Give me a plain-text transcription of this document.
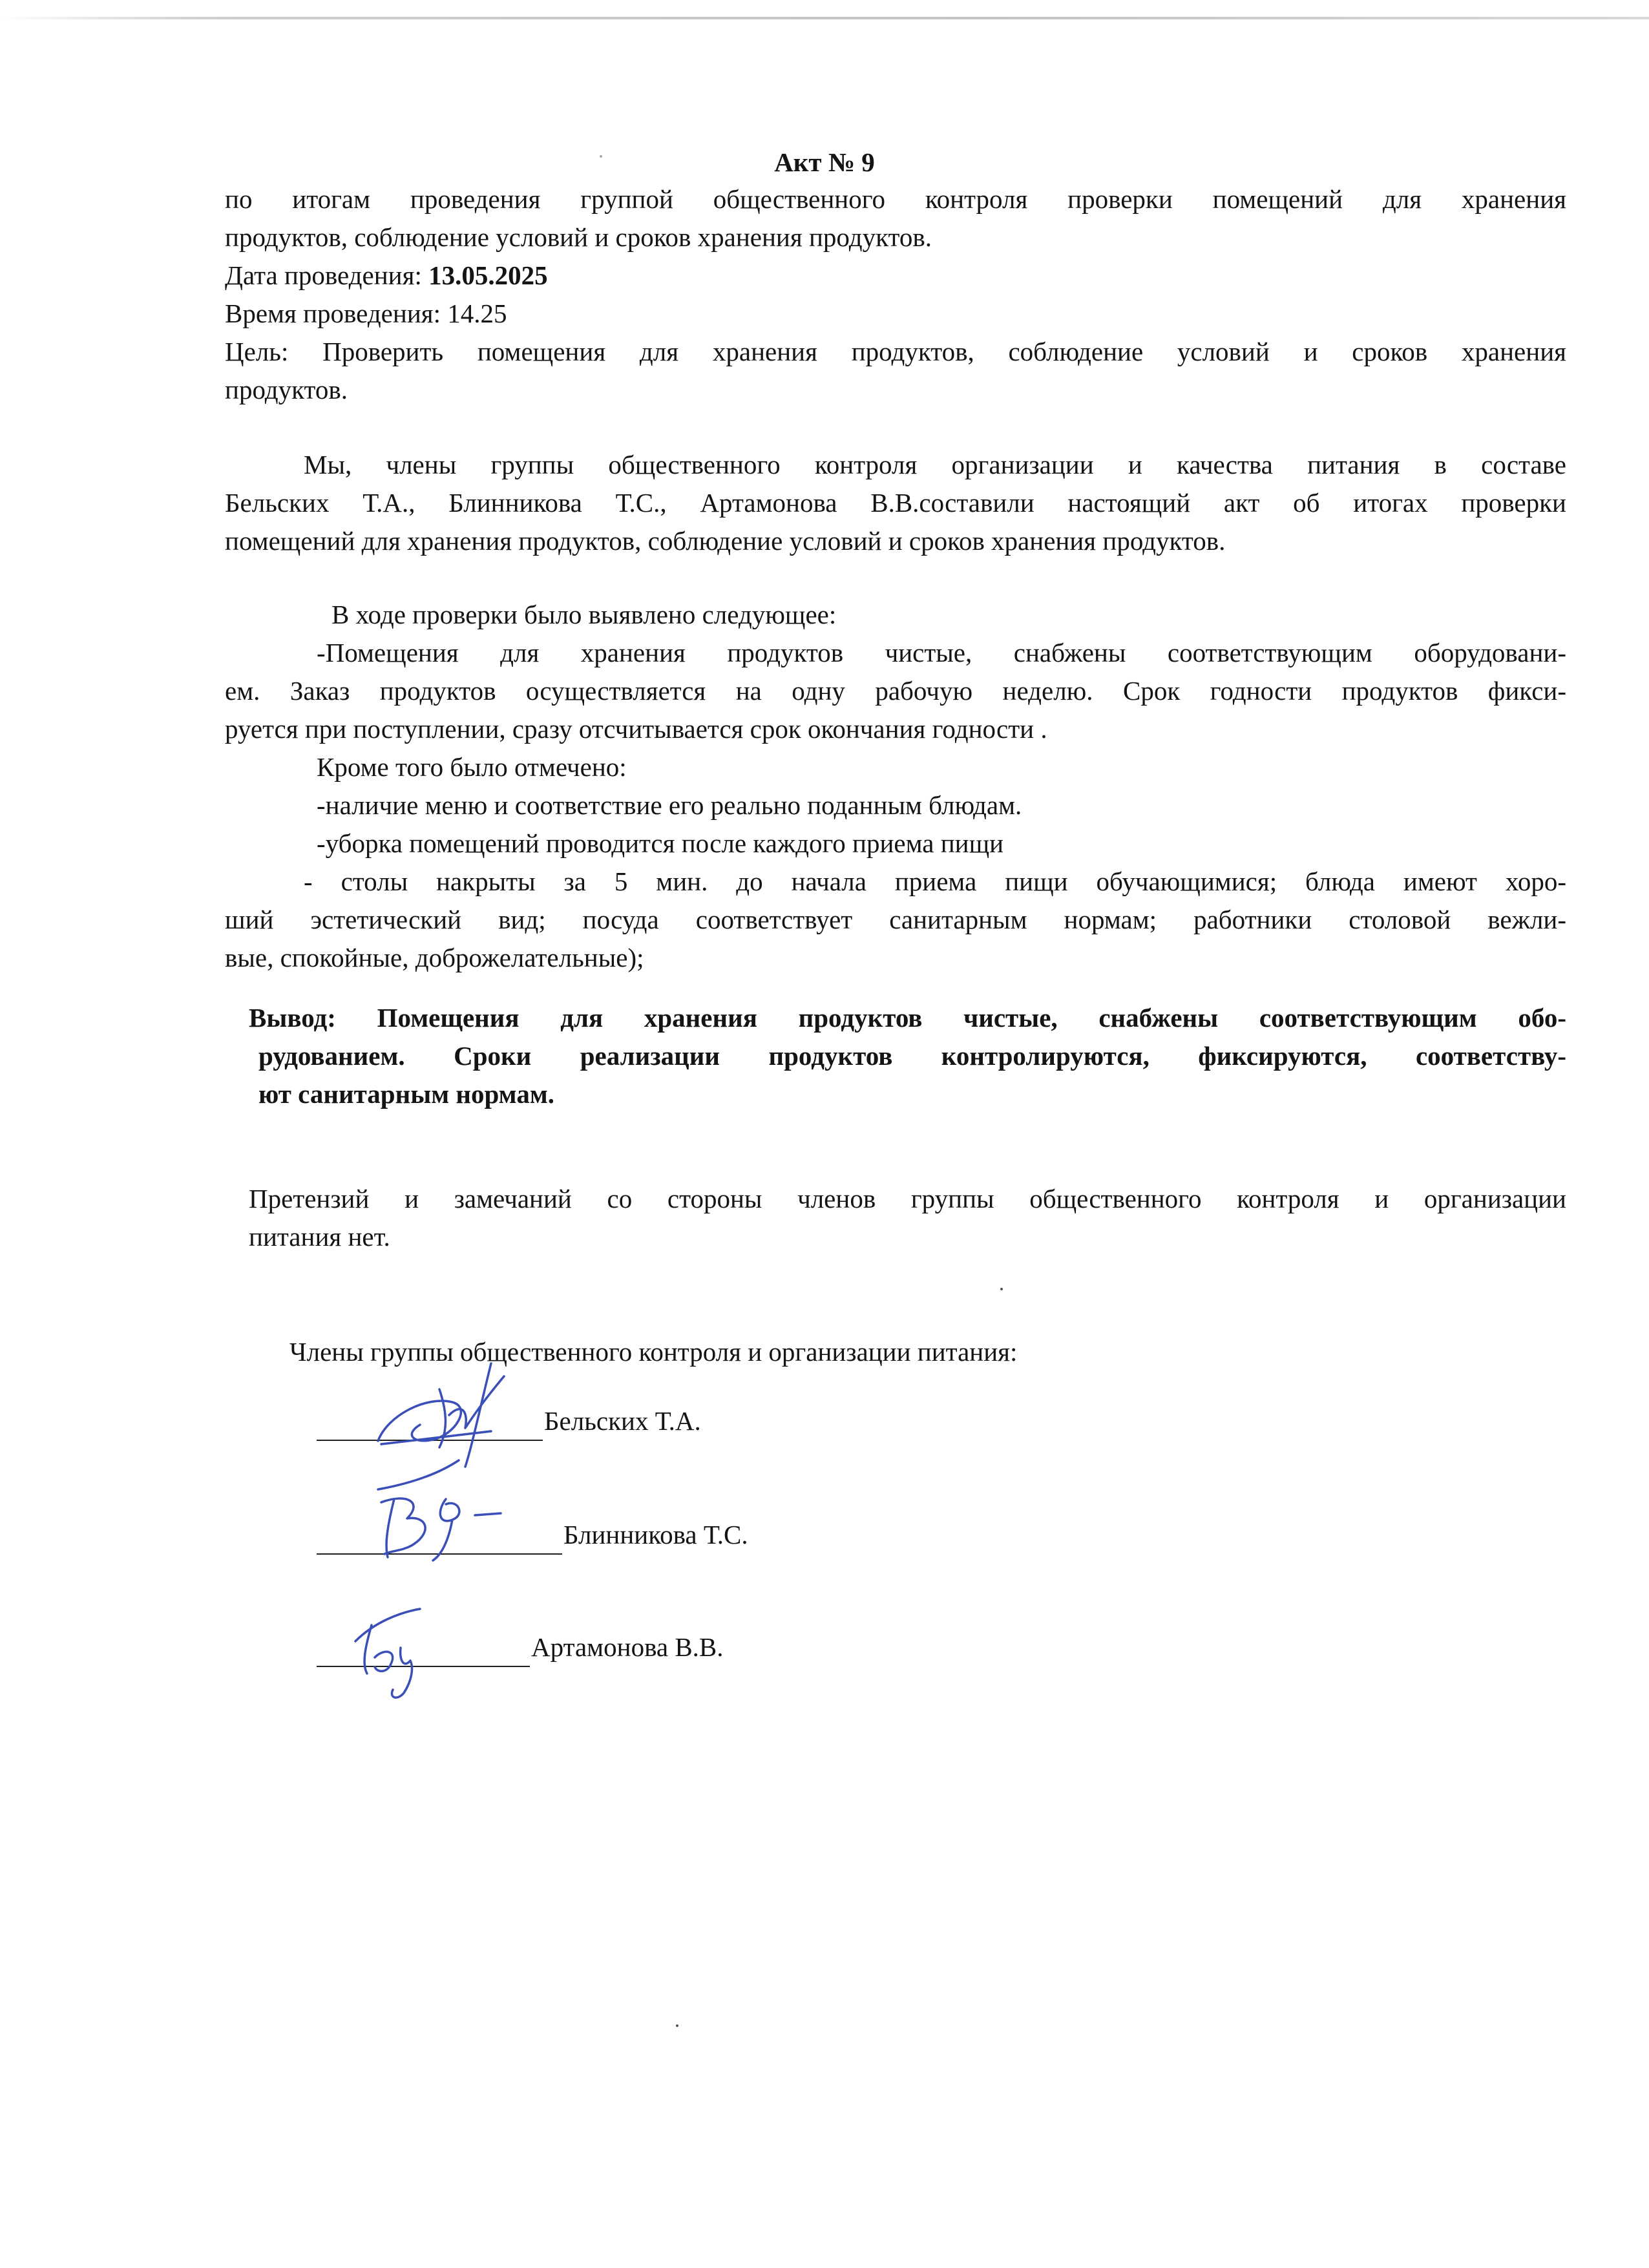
Акт № 9
по итогам проведения группой общественного контроля проверки помещений для хранения
продуктов, соблюдение условий и сроков хранения продуктов.
Дата проведения: 13.05.2025
Время проведения: 14.25
Цель: Проверить помещения для хранения продуктов, соблюдение условий и сроков хранения
продуктов.
Мы, члены группы общественного контроля организации и качества питания в составе
Бельских Т.А., Блинникова Т.С., Артамонова В.В.составили настоящий акт об итогах проверки
помещений для хранения продуктов, соблюдение условий и сроков хранения продуктов.
В ходе проверки было выявлено следующее:
-Помещения для хранения продуктов чистые, снабжены соответствующим оборудовани-
ем. Заказ продуктов осуществляется на одну рабочую неделю. Срок годности продуктов фикси-
руется при поступлении, сразу отсчитывается срок окончания годности .
Кроме того было отмечено:
-наличие меню и соответствие его реально поданным блюдам.
-уборка помещений проводится после каждого приема пищи
- столы накрыты за 5 мин. до начала приема пищи обучающимися; блюда имеют хоро-
ший эстетический вид; посуда соответствует санитарным нормам; работники столовой вежли-
вые, спокойные, доброжелательные);
Вывод: Помещения для хранения продуктов чистые, снабжены соответствующим обо-
рудованием. Сроки реализации продуктов контролируются, фиксируются, соответству-
ют санитарным нормам.
Претензий и замечаний со стороны членов группы общественного контроля и организации
питания нет.
Члены группы общественного контроля и организации питания:
Бельских Т.А.
Блинникова Т.С.
Артамонова В.В.
